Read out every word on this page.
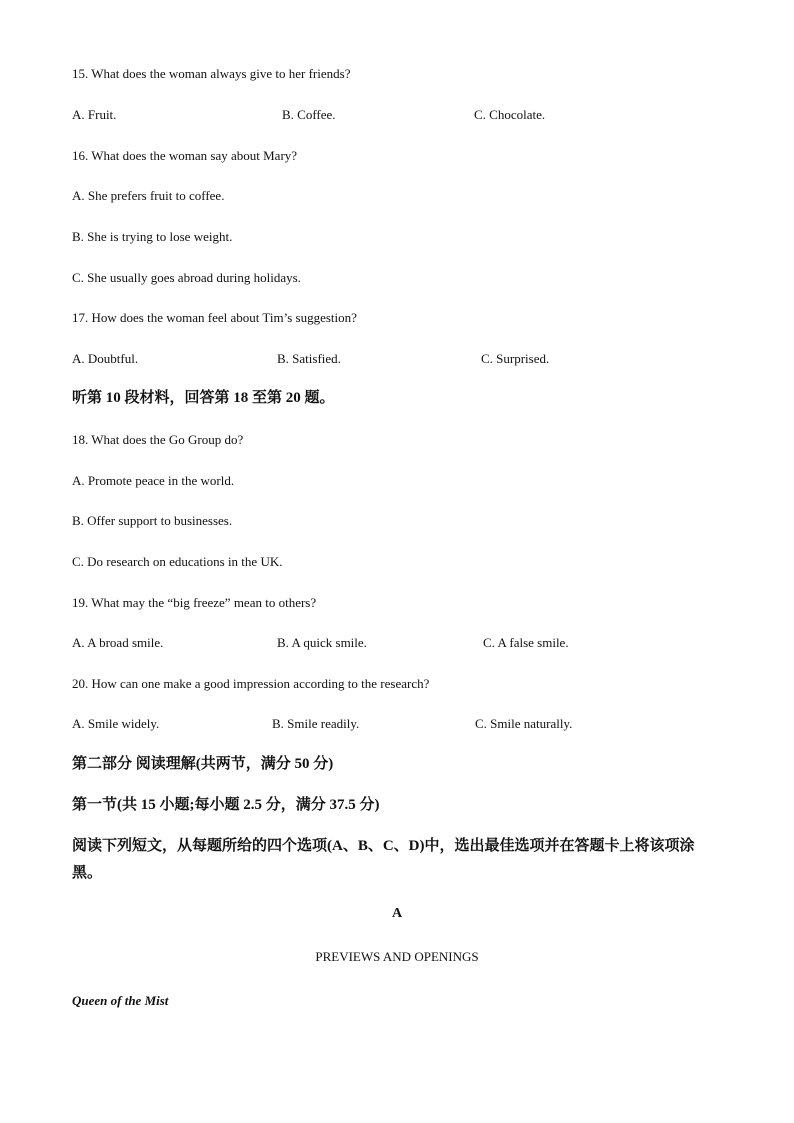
15. What does the woman always give to her friends?
A. Fruit.	B. Coffee.	C. Chocolate.
16. What does the woman say about Mary?
A. She prefers fruit to coffee.
B. She is trying to lose weight.
C. She usually goes abroad during holidays.
17. How does the woman feel about Tim’s suggestion?
A. Doubtful.	B. Satisfied.	C. Surprised.
听第 10 段材料，回答第 18 至第 20 题。
18. What does the Go Group do?
A. Promote peace in the world.
B. Offer support to businesses.
C. Do research on educations in the UK.
19. What may the “big freeze” mean to others?
A. A broad smile.	B. A quick smile.	C. A false smile.
20. How can one make a good impression according to the research?
A. Smile widely.	B. Smile readily.	C. Smile naturally.
第二部分 阅读理解(共两节，满分 50 分)
第一节(共 15 小题;每小题 2.5 分，满分 37.5 分)
阅读下列短文，从每题所给的四个选项(A、B、C、D)中，选出最佳选项并在答题卡上将该项涂黑。
A
PREVIEWS AND OPENINGS
Queen of the Mist
